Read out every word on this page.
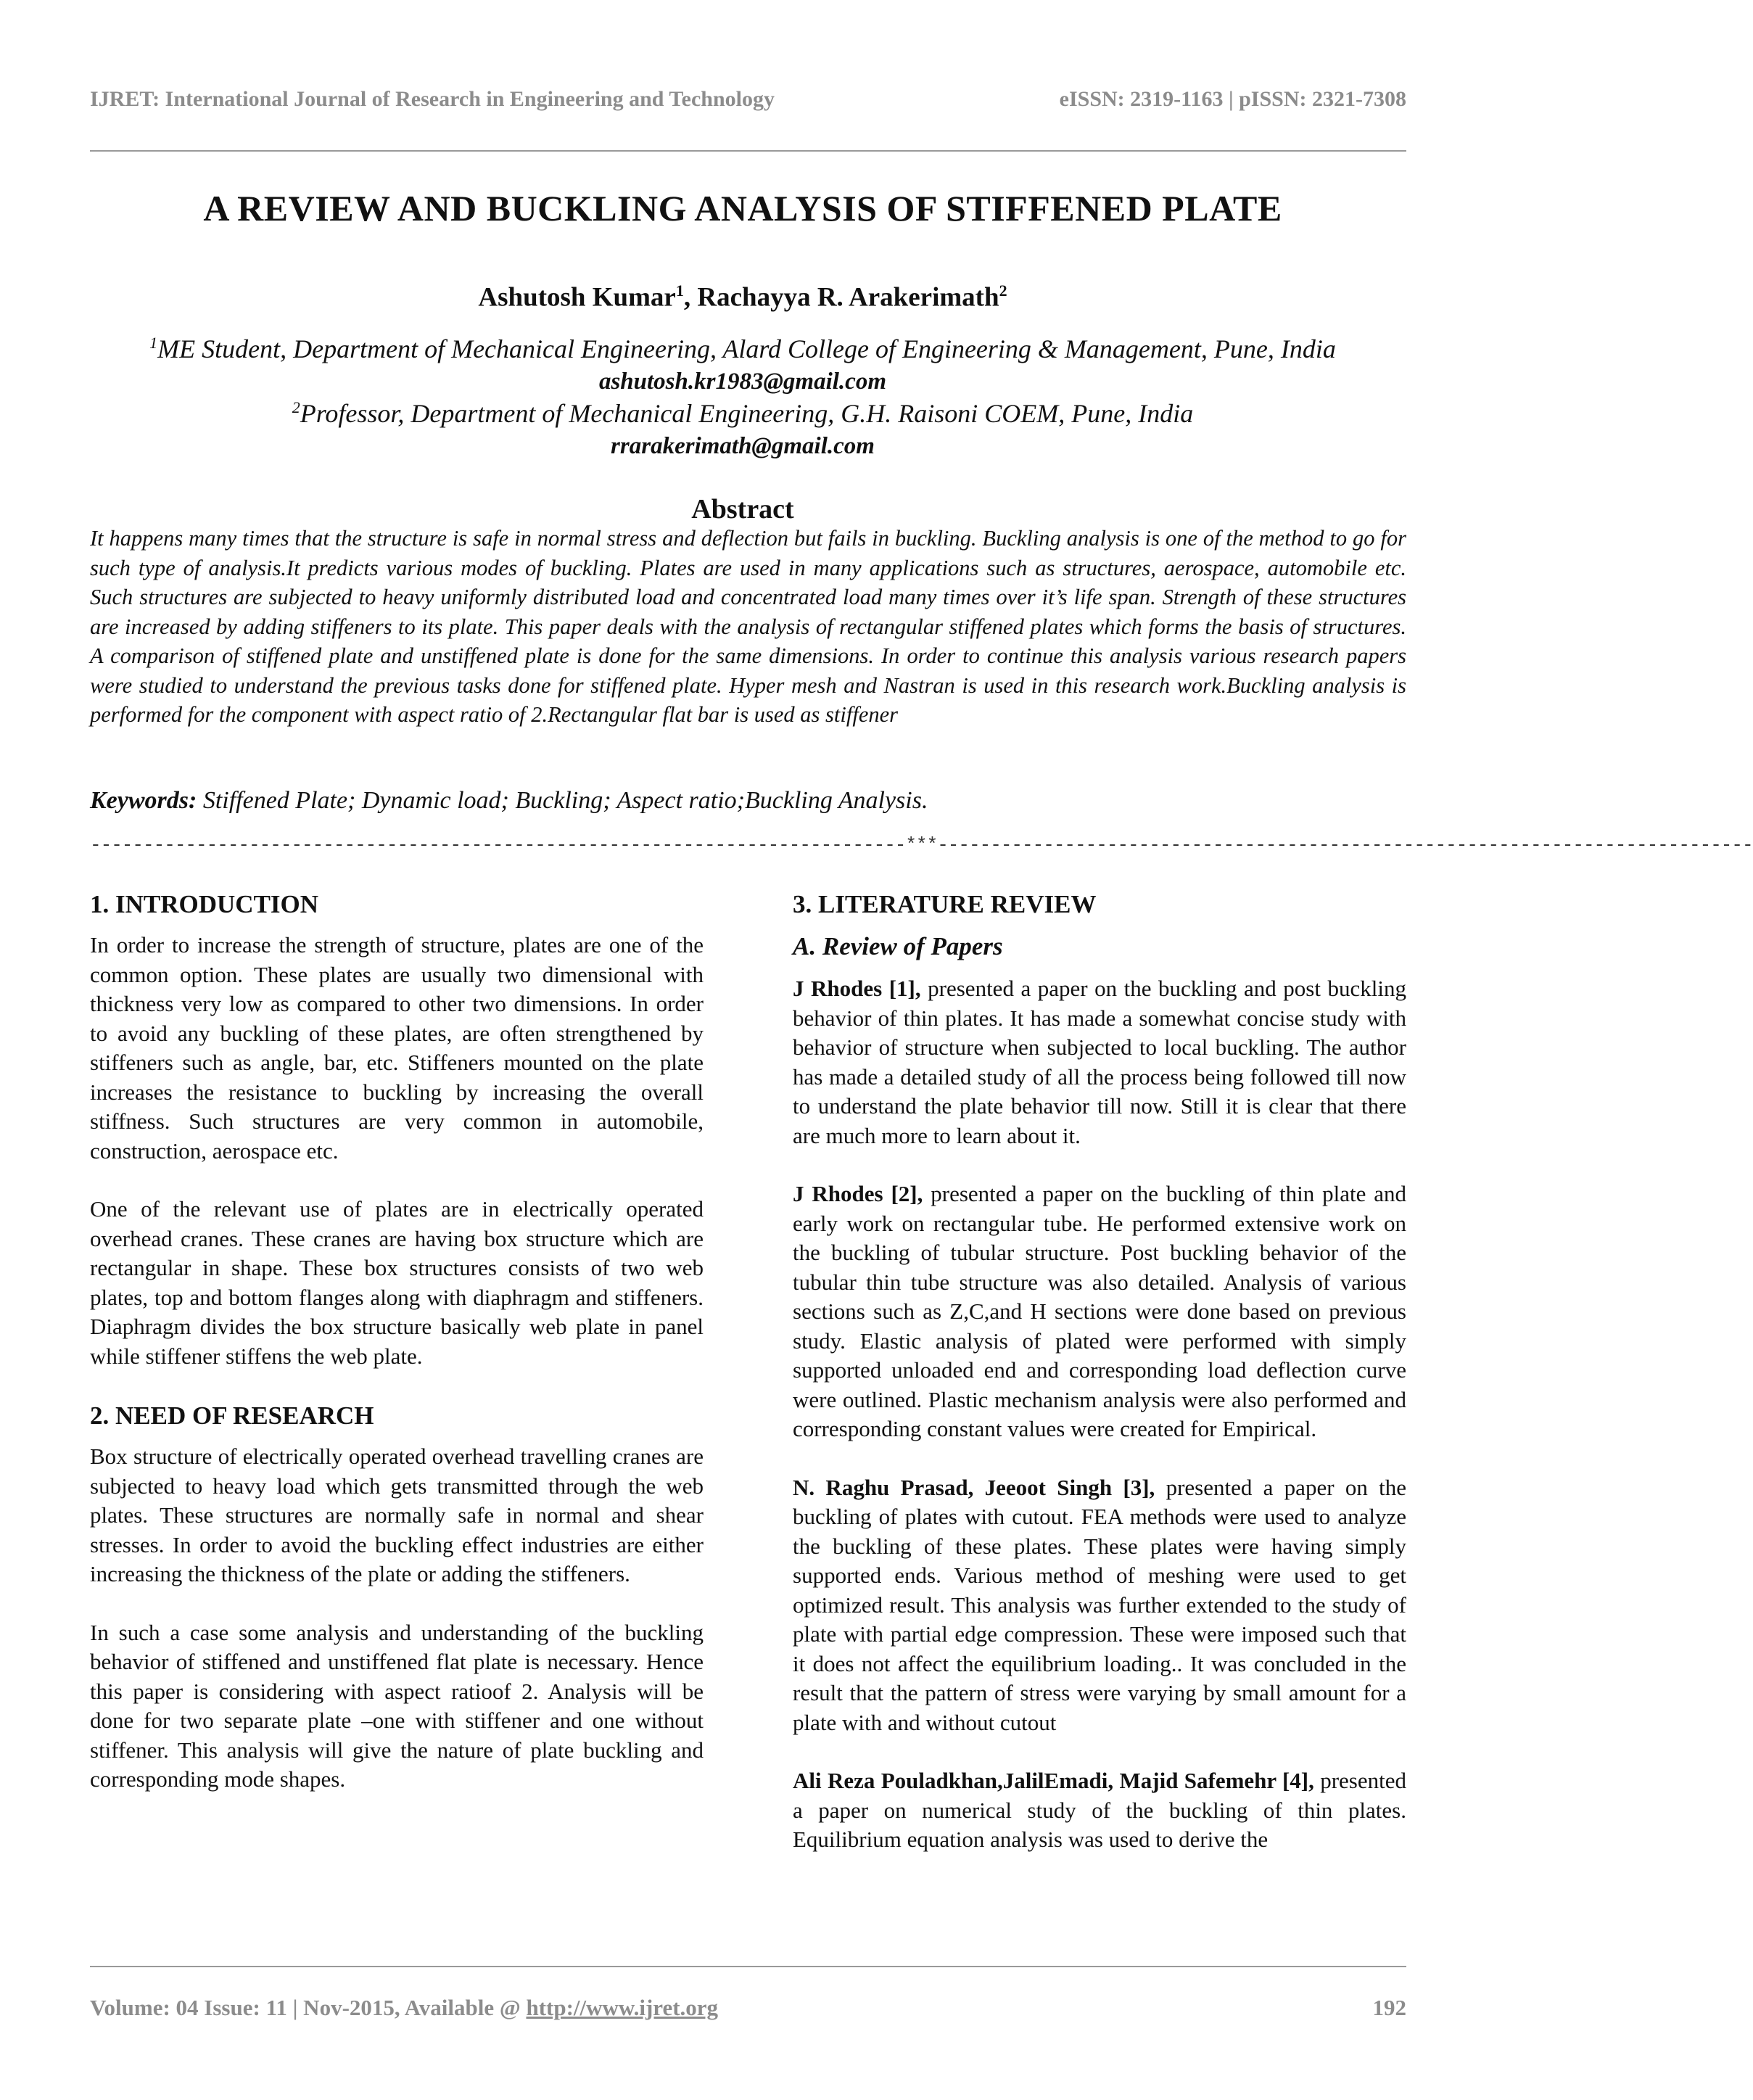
IJRET: International Journal of Research in Engineering and Technology	eISSN: 2319-1163 | pISSN: 2321-7308
A REVIEW AND BUCKLING ANALYSIS OF STIFFENED PLATE
Ashutosh Kumar$^1$, Rachayya R. Arakerimath$^2$
$^1$ME Student, Department of Mechanical Engineering, Alard College of Engineering & Management, Pune, India
ashutosh.kr1983@gmail.com
$^2$Professor, Department of Mechanical Engineering, G.H. Raisoni COEM, Pune, India
rrarakerimath@gmail.com
Abstract
It happens many times that the structure is safe in normal stress and deflection but fails in buckling. Buckling analysis is one of the method to go for such type of analysis.It predicts various modes of buckling. Plates are used in many applications such as structures, aerospace, automobile etc. Such structures are subjected to heavy uniformly distributed load and concentrated load many times over it’s life span. Strength of these structures are increased by adding stiffeners to its plate. This paper deals with the analysis of rectangular stiffened plates which forms the basis of structures. A comparison of stiffened plate and unstiffened plate is done for the same dimensions. In order to continue this analysis various research papers were studied to understand the previous tasks done for stiffened plate. Hyper mesh and Nastran is used in this research work.Buckling analysis is performed for the component with aspect ratio of 2.Rectangular flat bar is used as stiffener
Keywords: Stiffened Plate; Dynamic load; Buckling; Aspect ratio;Buckling Analysis.
-----------------------------------------------------------------------------***-----------------------------------------------------------------------------
1. INTRODUCTION

In order to increase the strength of structure, plates are one of the common option. These plates are usually two dimensional with thickness very low as compared to other two dimensions. In order to avoid any buckling of these plates, are often strengthened by stiffeners such as angle, bar, etc. Stiffeners mounted on the plate increases the resistance to buckling by increasing the overall stiffness. Such structures are very common in automobile, construction, aerospace etc.

One of the relevant use of plates are in electrically operated overhead cranes. These cranes are having box structure which are rectangular in shape. These box structures consists of two web plates, top and bottom flanges along with diaphragm and stiffeners. Diaphragm divides the box structure basically web plate in panel while stiffener stiffens the web plate.

2. NEED OF RESEARCH

Box structure of electrically operated overhead travelling cranes are subjected to heavy load which gets transmitted through the web plates. These structures are normally safe in normal and shear stresses. In order to avoid the buckling effect industries are either increasing the thickness of the plate or adding the stiffeners.

In such a case some analysis and understanding of the buckling behavior of stiffened and unstiffened flat plate is necessary. Hence this paper is considering with aspect ratioof 2. Analysis will be done for two separate plate –one with stiffener and one without stiffener. This analysis will give the nature of plate buckling and corresponding mode shapes.

3. LITERATURE REVIEW
A. Review of Papers

J Rhodes [1], presented a paper on the buckling and post buckling behavior of thin plates. It has made a somewhat concise study with behavior of structure when subjected to local buckling. The author has made a detailed study of all the process being followed till now to understand the plate behavior till now. Still it is clear that there are much more to learn about it.

J Rhodes [2], presented a paper on the buckling of thin plate and early work on rectangular tube. He performed extensive work on the buckling of tubular structure. Post buckling behavior of the tubular thin tube structure was also detailed. Analysis of various sections such as Z,C,and H sections were done based on previous study. Elastic analysis of plated were performed with simply supported unloaded end and corresponding load deflection curve were outlined. Plastic mechanism analysis were also performed and corresponding constant values were created for Empirical.

N. Raghu Prasad, Jeeoot Singh [3], presented a paper on the buckling of plates with cutout. FEA methods were used to analyze the buckling of these plates. These plates were having simply supported ends. Various method of meshing were used to get optimized result. This analysis was further extended to the study of plate with partial edge compression. These were imposed such that it does not affect the equilibrium loading.. It was concluded in the result that the pattern of stress were varying by small amount for a plate with and without cutout

Ali Reza Pouladkhan,JalilEmadi, Majid Safemehr [4], presented a paper on numerical study of the buckling of thin plates. Equilibrium equation analysis was used to derive the

Volume: 04 Issue: 11 | Nov-2015, Available @ http://www.ijret.org	192
